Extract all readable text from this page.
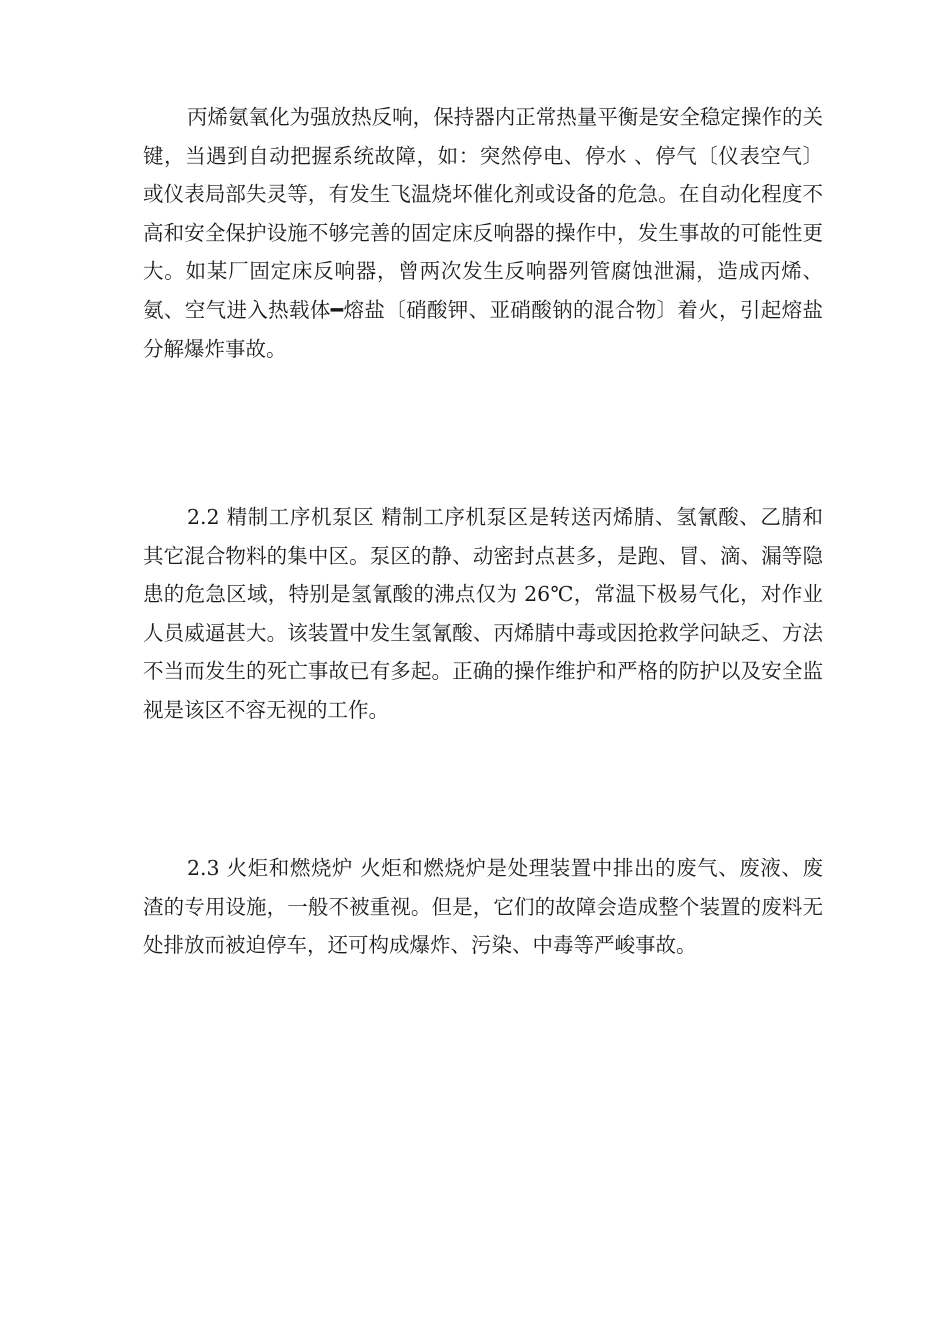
丙烯氨氧化为强放热反响，保持器内正常热量平衡是安全稳定操作的关键，当遇到自动把握系统故障，如：突然停电、停水 、停气〔仪表空气〕或仪表局部失灵等，有发生飞温烧坏催化剂或设备的危急。在自动化程度不高和安全保护设施不够完善的固定床反响器的操作中，发生事故的可能性更大。如某厂固定床反响器，曾两次发生反响器列管腐蚀泄漏，造成丙烯、氨、空气进入热载体━熔盐〔硝酸钾、亚硝酸钠的混合物〕着火，引起熔盐分解爆炸事故。

2.2 精制工序机泵区 精制工序机泵区是转送丙烯腈、氢氰酸、乙腈和其它混合物料的集中区。泵区的静、动密封点甚多，是跑、冒、滴、漏等隐患的危急区域，特别是氢氰酸的沸点仅为 26℃，常温下极易气化，对作业人员威逼甚大。该装置中发生氢氰酸、丙烯腈中毒或因抢救学问缺乏、方法不当而发生的死亡事故已有多起。正确的操作维护和严格的防护以及安全监视是该区不容无视的工作。

2.3 火炬和燃烧炉 火炬和燃烧炉是处理装置中排出的废气、废液、废渣的专用设施，一般不被重视。但是，它们的故障会造成整个装置的废料无处排放而被迫停车，还可构成爆炸、污染、中毒等严峻事故。
